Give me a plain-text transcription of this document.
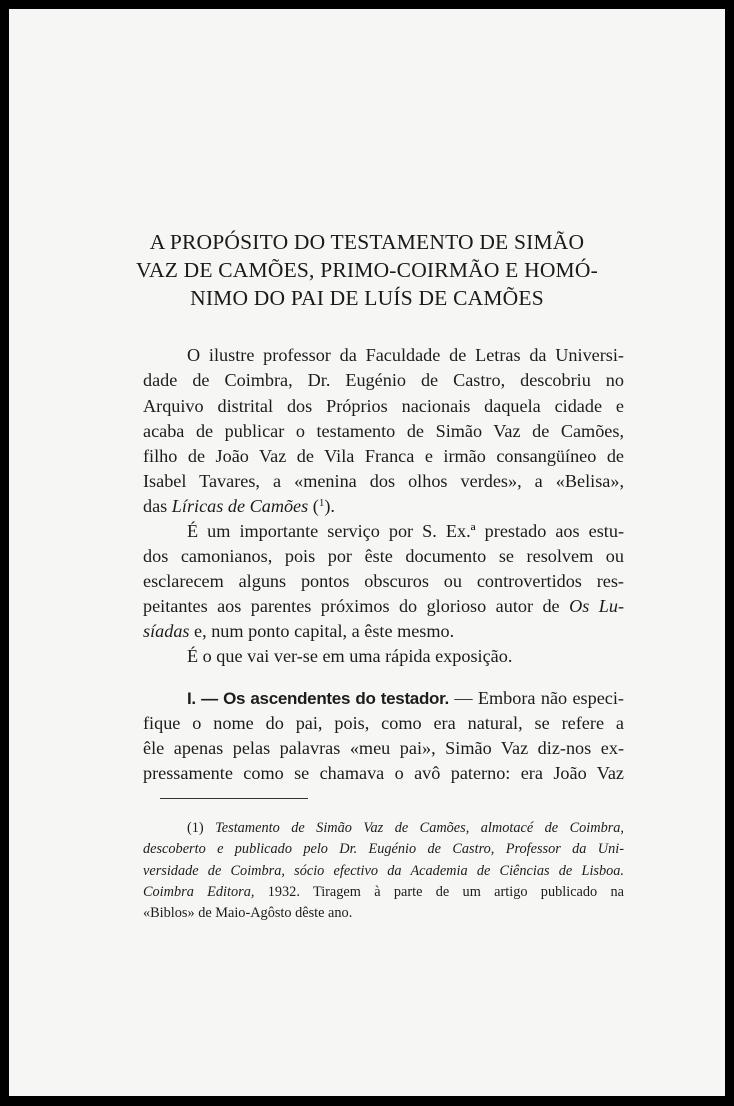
A PROPÓSITO DO TESTAMENTO DE SIMÃO
VAZ DE CAMÕES, PRIMO-COIRMÃO E HOMÓ-
NIMO DO PAI DE LUÍS DE CAMÕES
O ilustre professor da Faculdade de Letras da Universi-
dade de Coimbra, Dr. Eugénio de Castro, descobriu no
Arquivo distrital dos Próprios nacionais daquela cidade e
acaba de publicar o testamento de Simão Vaz de Camões,
filho de João Vaz de Vila Franca e irmão consangüíneo de
Isabel Tavares, a «menina dos olhos verdes», a «Belisa»,
das Líricas de Camões ($^1$).
É um importante serviço por S. Ex.ª prestado aos estu-
dos camonianos, pois por êste documento se resolvem ou
esclarecem alguns pontos obscuros ou controvertidos res-
peitantes aos parentes próximos do glorioso autor de Os Lu-
síadas e, num ponto capital, a êste mesmo.
É o que vai ver-se em uma rápida exposição.
I. — Os ascendentes do testador. — Embora não especi-
fique o nome do pai, pois, como era natural, se refere a
êle apenas pelas palavras «meu pai», Simão Vaz diz-nos ex-
pressamente como se chamava o avô paterno: era João Vaz
(1) Testamento de Simão Vaz de Camões, almotacé de Coimbra,
descoberto e publicado pelo Dr. Eugénio de Castro, Professor da Uni-
versidade de Coimbra, sócio efectivo da Academia de Ciências de Lisboa.
Coimbra Editora, 1932. Tiragem à parte de um artigo publicado na
«Biblos» de Maio-Agôsto dêste ano.
